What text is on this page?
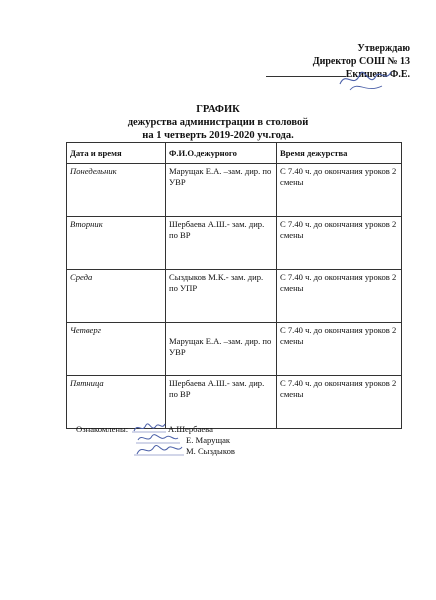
Утверждаю
Директор СОШ № 13
Екишева Ф.Е.
ГРАФИК
дежурства администрации в столовой
на 1 четверть 2019-2020 уч.года.
Дата и время	Ф.И.О.дежурного	Время дежурства
Понедельник	Марущак Е.А. –зам. дир. по УВР	С 7.40 ч. до окончания уроков 2 смены
Вторник	Шербаева А.Ш.- зам. дир. по ВР	С 7.40 ч. до окончания уроков 2 смены
Среда	Сыздыков М.К.- зам. дир. по УПР	С 7.40 ч. до окончания уроков 2 смены
Четверг	Марущак Е.А. –зам. дир. по УВР	С 7.40 ч. до окончания уроков 2 смены
Пятница	Шербаева А.Ш.- зам. дир. по ВР	С 7.40 ч. до окончания уроков 2 смены
Ознакомлены:	А.Шербаева
Е. Марущак
М. Сыздыков
